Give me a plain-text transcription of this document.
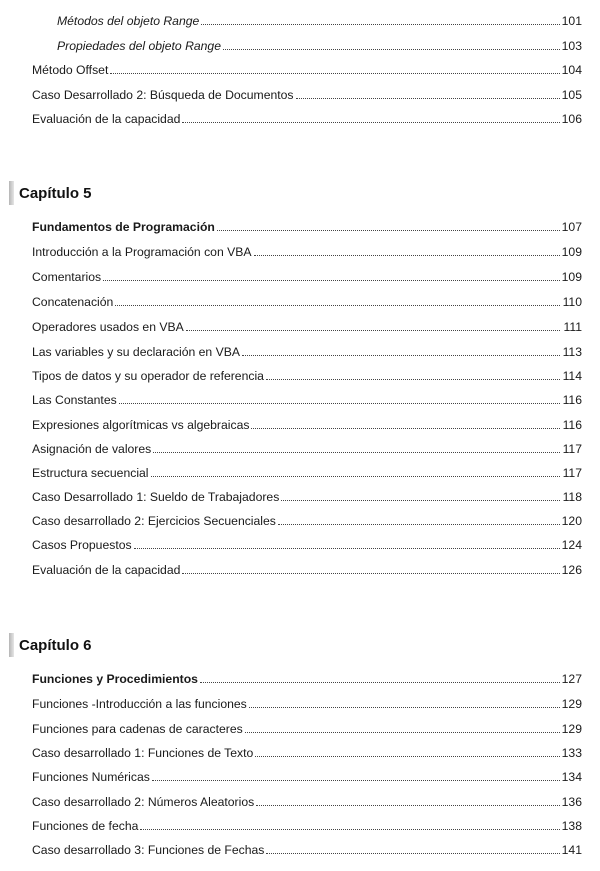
Métodos del objeto Range	101
Propiedades del objeto Range	103
Método Offset	104
Caso Desarrollado 2: Búsqueda de Documentos	105
Evaluación de la capacidad	106
Capítulo 5
Fundamentos de Programación	107
Introducción a la Programación con VBA	109
Comentarios	109
Concatenación	110
Operadores usados en VBA	111
Las variables y su declaración en VBA	113
Tipos de datos y su operador de referencia	114
Las Constantes	116
Expresiones algorítmicas vs algebraicas	116
Asignación de valores	117
Estructura secuencial	117
Caso Desarrollado 1: Sueldo de Trabajadores	118
Caso desarrollado 2: Ejercicios Secuenciales	120
Casos Propuestos	124
Evaluación de la capacidad	126
Capítulo 6
Funciones y Procedimientos	127
Funciones -Introducción a las funciones	129
Funciones para cadenas de caracteres	129
Caso desarrollado 1: Funciones de Texto	133
Funciones Numéricas	134
Caso desarrollado 2: Números Aleatorios	136
Funciones de fecha	138
Caso desarrollado 3: Funciones de Fechas	141
